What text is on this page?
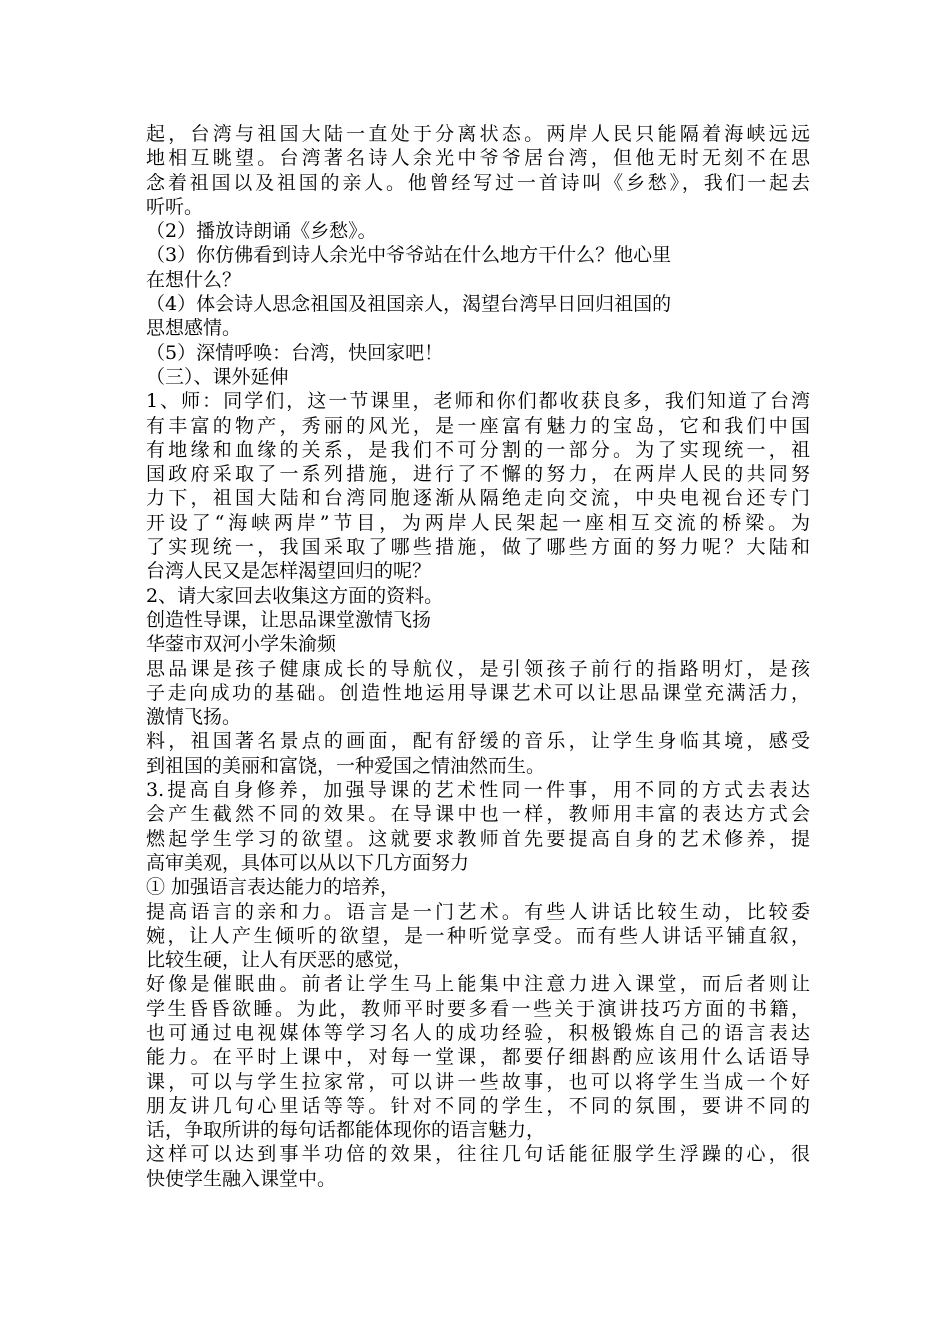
起，台湾与祖国大陆一直处于分离状态。两岸人民只能隔着海峡远远
地相互眺望。台湾著名诗人余光中爷爷居台湾，但他无时无刻不在思
念着祖国以及祖国的亲人。他曾经写过一首诗叫《乡愁》，我们一起去
听听。
（2）播放诗朗诵《乡愁》。
（3）你仿佛看到诗人余光中爷爷站在什么地方干什么？他心里
在想什么？
（4）体会诗人思念祖国及祖国亲人，渴望台湾早日回归祖国的
思想感情。
（5）深情呼唤：台湾，快回家吧！
（三）、课外延伸
1、师：同学们，这一节课里，老师和你们都收获良多，我们知道了台湾
有丰富的物产，秀丽的风光，是一座富有魅力的宝岛，它和我们中国
有地缘和血缘的关系，是我们不可分割的一部分。为了实现统一，祖
国政府采取了一系列措施，进行了不懈的努力，在两岸人民的共同努
力下，祖国大陆和台湾同胞逐渐从隔绝走向交流，中央电视台还专门
开设了“海峡两岸”节目，为两岸人民架起一座相互交流的桥梁。为
了实现统一，我国采取了哪些措施，做了哪些方面的努力呢？大陆和
台湾人民又是怎样渴望回归的呢？
2、请大家回去收集这方面的资料。
创造性导课，让思品课堂激情飞扬
华蓥市双河小学朱渝频
思品课是孩子健康成长的导航仪，是引领孩子前行的指路明灯，是孩
子走向成功的基础。创造性地运用导课艺术可以让思品课堂充满活力，
激情飞扬。
料，祖国著名景点的画面，配有舒缓的音乐，让学生身临其境，感受
到祖国的美丽和富饶，一种爱国之情油然而生。
3.提高自身修养，加强导课的艺术性同一件事，用不同的方式去表达
会产生截然不同的效果。在导课中也一样，教师用丰富的表达方式会
燃起学生学习的欲望。这就要求教师首先要提高自身的艺术修养，提
高审美观，具体可以从以下几方面努力
① 加强语言表达能力的培养，
提高语言的亲和力。语言是一门艺术。有些人讲话比较生动，比较委
婉，让人产生倾听的欲望，是一种听觉享受。而有些人讲话平铺直叙，
比较生硬，让人有厌恶的感觉，
好像是催眠曲。前者让学生马上能集中注意力进入课堂，而后者则让
学生昏昏欲睡。为此，教师平时要多看一些关于演讲技巧方面的书籍，
也可通过电视媒体等学习名人的成功经验，积极锻炼自己的语言表达
能力。在平时上课中，对每一堂课，都要仔细斟酌应该用什么话语导
课，可以与学生拉家常，可以讲一些故事，也可以将学生当成一个好
朋友讲几句心里话等等。针对不同的学生，不同的氛围，要讲不同的
话，争取所讲的每句话都能体现你的语言魅力，
这样可以达到事半功倍的效果，往往几句话能征服学生浮躁的心，很
快使学生融入课堂中。
